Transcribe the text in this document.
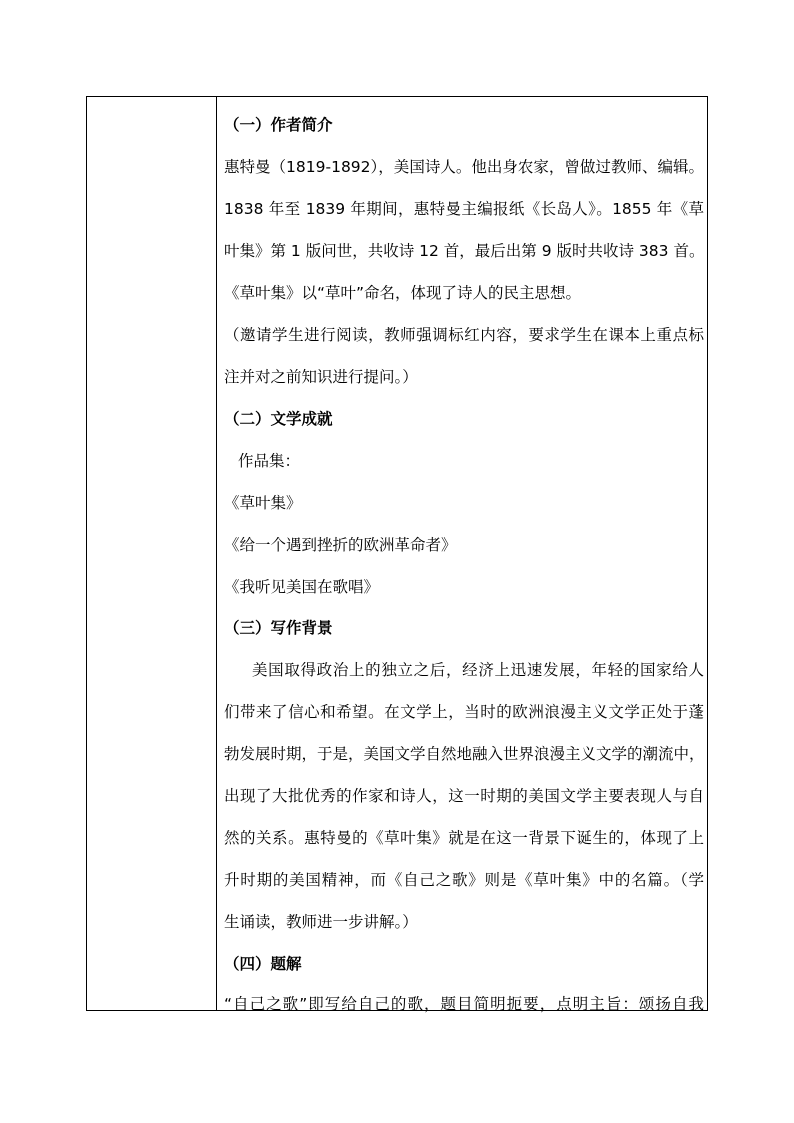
（一）作者简介
惠特曼（1819-1892），美国诗人。他出身农家，曾做过教师、编辑。
1838 年至 1839 年期间，惠特曼主编报纸《长岛人》。1855 年《草
叶集》第 1 版问世，共收诗 12 首，最后出第 9 版时共收诗 383 首。
《草叶集》以“草叶”命名，体现了诗人的民主思想。
（邀请学生进行阅读，教师强调标红内容，要求学生在课本上重点标
注并对之前知识进行提问。）
（二）文学成就
作品集：
《草叶集》
《给一个遇到挫折的欧洲革命者》
《我听见美国在歌唱》
（三）写作背景
美国取得政治上的独立之后，经济上迅速发展，年轻的国家给人
们带来了信心和希望。在文学上，当时的欧洲浪漫主义文学正处于蓬
勃发展时期，于是，美国文学自然地融入世界浪漫主义文学的潮流中，
出现了大批优秀的作家和诗人，这一时期的美国文学主要表现人与自
然的关系。惠特曼的《草叶集》就是在这一背景下诞生的，体现了上
升时期的美国精神，而《自己之歌》则是《草叶集》中的名篇。（学
生诵读，教师进一步讲解。）
（四）题解
“自己之歌”即写给自己的歌，题目简明扼要，点明主旨：颂扬自我
